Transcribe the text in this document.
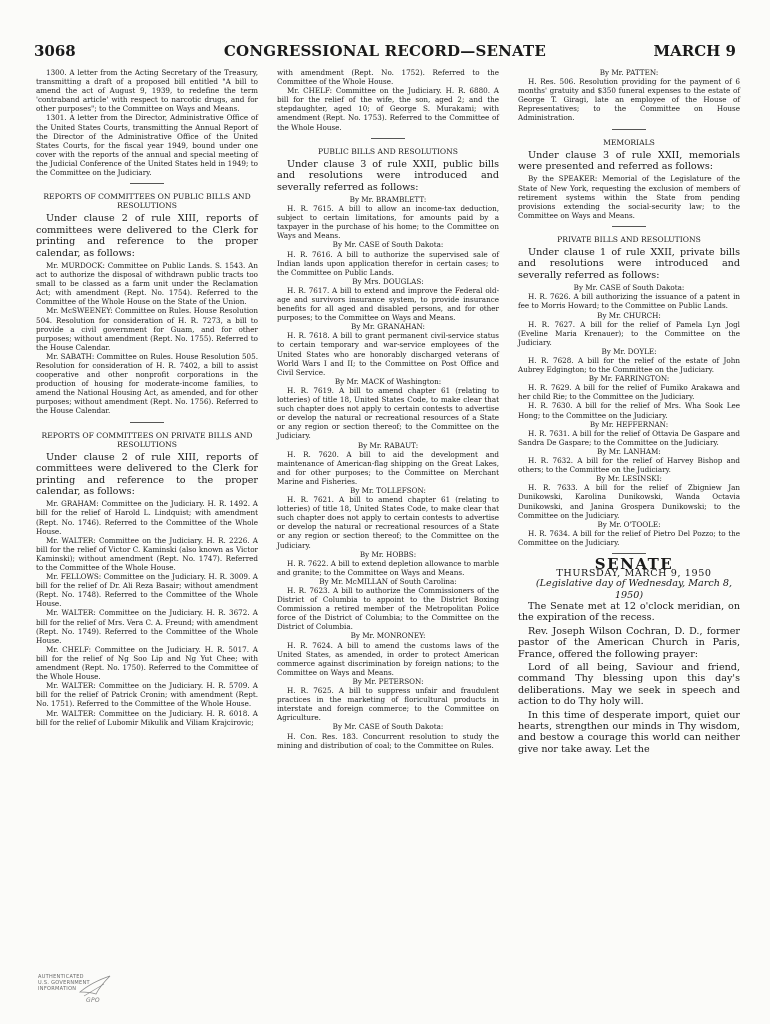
3068	CONGRESSIONAL RECORD—SENATE	MARCH 9

1300. A letter from the Acting Secretary of the Treasury, transmitting a draft of a proposed bill entitled "A bill to amend the act of August 9, 1939, to redefine the term 'contraband article' with respect to narcotic drugs, and for other purposes"; to the Committee on Ways and Means.

1301. A letter from the Director, Administrative Office of the United States Courts, transmitting the Annual Report of the Director of the Administrative Office of the United States Courts, for the fiscal year 1949, bound under one cover with the reports of the annual and special meeting of the Judicial Conference of the United States held in 1949; to the Committee on the Judiciary.

REPORTS OF COMMITTEES ON PUBLIC BILLS AND RESOLUTIONS

Under clause 2 of rule XIII, reports of committees were delivered to the Clerk for printing and reference to the proper calendar, as follows:

Mr. MURDOCK: Committee on Public Lands. S. 1543. An act to authorize the disposal of withdrawn public tracts too small to be classed as a farm unit under the Reclamation Act; with amendment (Rept. No. 1754). Referred to the Committee of the Whole House on the State of the Union.

Mr. McSWEENEY: Committee on Rules. House Resolution 504. Resolution for consideration of H. R. 7273, a bill to provide a civil government for Guam, and for other purposes; without amendment (Rept. No. 1755). Referred to the House Calendar.

Mr. SABATH: Committee on Rules. House Resolution 505. Resolution for consideration of H. R. 7402, a bill to assist cooperative and other nonprofit corporations in the production of housing for moderate-income families, to amend the National Housing Act, as amended, and for other purposes; without amendment (Rept. No. 1756). Referred to the House Calendar.

REPORTS OF COMMITTEES ON PRIVATE BILLS AND RESOLUTIONS

Under clause 2 of rule XIII, reports of committees were delivered to the Clerk for printing and reference to the proper calendar, as follows:

Mr. GRAHAM: Committee on the Judiciary. H. R. 1492. A bill for the relief of Harold L. Lindquist; with amendment (Rept. No. 1746). Referred to the Committee of the Whole House.

Mr. WALTER: Committee on the Judiciary. H. R. 2226. A bill for the relief of Victor C. Kaminski (also known as Victor Kaminski); without amendment (Rept. No. 1747). Referred to the Committee of the Whole House.

Mr. FELLOWS: Committee on the Judiciary. H. R. 3009. A bill for the relief of Dr. Ali Reza Basair; without amendment (Rept. No. 1748). Referred to the Committee of the Whole House.

Mr. WALTER: Committee on the Judiciary. H. R. 3672. A bill for the relief of Mrs. Vera C. A. Freund; with amendment (Rept. No. 1749). Referred to the Committee of the Whole House.

Mr. CHELF: Committee on the Judiciary. H. R. 5017. A bill for the relief of Ng Soo Lip and Ng Yut Chee; with amendment (Rept. No. 1750). Referred to the Committee of the Whole House.

Mr. WALTER: Committee on the Judiciary. H. R. 5709. A bill for the relief of Patrick Cronin; with amendment (Rept. No. 1751). Referred to the Committee of the Whole House.

Mr. WALTER: Committee on the Judiciary. H. R. 6018. A bill for the relief of Lubomir Mikulik and Viliam Krajcirovic;

with amendment (Rept. No. 1752). Referred to the Committee of the Whole House.

Mr. CHELF: Committee on the Judiciary. H. R. 6880. A bill for the relief of the wife, the son, aged 2; and the stepdaughter, aged 10; of George S. Murakami; with amendment (Rept. No. 1753). Referred to the Committee of the Whole House.

PUBLIC BILLS AND RESOLUTIONS

Under clause 3 of rule XXII, public bills and resolutions were introduced and severally referred as follows:

By Mr. BRAMBLETT:

H. R. 7615. A bill to allow an income-tax deduction, subject to certain limitations, for amounts paid by a taxpayer in the purchase of his home; to the Committee on Ways and Means.

By Mr. CASE of South Dakota:

H. R. 7616. A bill to authorize the supervised sale of Indian lands upon application therefor in certain cases; to the Committee on Public Lands.

By Mrs. DOUGLAS:

H. R. 7617. A bill to extend and improve the Federal old-age and survivors insurance system, to provide insurance benefits for all aged and disabled persons, and for other purposes; to the Committee on Ways and Means.

By Mr. GRANAHAN:

H. R. 7618. A bill to grant permanent civil-service status to certain temporary and war-service employees of the United States who are honorably discharged veterans of World Wars I and II; to the Committee on Post Office and Civil Service.

By Mr. MACK of Washington:

H. R. 7619. A bill to amend chapter 61 (relating to lotteries) of title 18, United States Code, to make clear that such chapter does not apply to certain contests to advertise or develop the natural or recreational resources of a State or any region or section thereof; to the Committee on the Judiciary.

By Mr. RABAUT:

H. R. 7620. A bill to aid the development and maintenance of American-flag shipping on the Great Lakes, and for other purposes; to the Committee on Merchant Marine and Fisheries.

By Mr. TOLLEFSON:

H. R. 7621. A bill to amend chapter 61 (relating to lotteries) of title 18, United States Code, to make clear that such chapter does not apply to certain contests to advertise or develop the natural or recreational resources of a State or any region or section thereof; to the Committee on the Judiciary.

By Mr. HOBBS:

H. R. 7622. A bill to extend depletion allowance to marble and granite; to the Committee on Ways and Means.

By Mr. McMILLAN of South Carolina:

H. R. 7623. A bill to authorize the Commissioners of the District of Columbia to appoint to the District Boxing Commission a retired member of the Metropolitan Police force of the District of Columbia; to the Committee on the District of Columbia.

By Mr. MONRONEY:

H. R. 7624. A bill to amend the customs laws of the United States, as amended, in order to protect American commerce against discrimination by foreign nations; to the Committee on Ways and Means.

By Mr. PETERSON:

H. R. 7625. A bill to suppress unfair and fraudulent practices in the marketing of floricultural products in interstate and foreign commerce; to the Committee on Agriculture.

By Mr. CASE of South Dakota:

H. Con. Res. 183. Concurrent resolution to study the mining and distribution of coal; to the Committee on Rules.

By Mr. PATTEN:

H. Res. 506. Resolution providing for the payment of 6 months' gratuity and $350 funeral expenses to the estate of George T. Giragi, late an employee of the House of Representatives; to the Committee on House Administration.

MEMORIALS

Under clause 3 of rule XXII, memorials were presented and referred as follows:

By the SPEAKER: Memorial of the Legislature of the State of New York, requesting the exclusion of members of retirement systems within the State from pending provisions extending the social-security law; to the Committee on Ways and Means.

PRIVATE BILLS AND RESOLUTIONS

Under clause 1 of rule XXII, private bills and resolutions were introduced and severally referred as follows:

By Mr. CASE of South Dakota:

H. R. 7626. A bill authorizing the issuance of a patent in fee to Morris Howard; to the Committee on Public Lands.

By Mr. CHURCH:

H. R. 7627. A bill for the relief of Pamela Lyn Jogl (Eveline Maria Krenauer); to the Committee on the Judiciary.

By Mr. DOYLE:

H. R. 7628. A bill for the relief of the estate of John Aubrey Edgington; to the Committee on the Judiciary.

By Mr. FARRINGTON:

H. R. 7629. A bill for the relief of Fumiko Arakawa and her child Rie; to the Committee on the Judiciary.

H. R. 7630. A bill for the relief of Mrs. Wha Sook Lee Hong; to the Committee on the Judiciary.

By Mr. HEFFERNAN:

H. R. 7631. A bill for the relief of Ottavia De Gaspare and Sandra De Gaspare; to the Committee on the Judiciary.

By Mr. LANHAM:

H. R. 7632. A bill for the relief of Harvey Bishop and others; to the Committee on the Judiciary.

By Mr. LESINSKI:

H. R. 7633. A bill for the relief of Zbigniew Jan Dunikowski, Karolina Dunikowski, Wanda Octavia Dunikowski, and Janina Grospera Dunikowski; to the Committee on the Judiciary.

By Mr. O'TOOLE:

H. R. 7634. A bill for the relief of Pietro Del Pozzo; to the Committee on the Judiciary.

SENATE

THURSDAY, MARCH 9, 1950

(Legislative day of Wednesday, March 8, 1950)

The Senate met at 12 o'clock meridian, on the expiration of the recess.

Rev. Joseph Wilson Cochran, D. D., former pastor of the American Church in Paris, France, offered the following prayer:

Lord of all being, Saviour and friend, command Thy blessing upon this day's deliberations. May we seek in speech and action to do Thy holy will.

In this time of desperate import, quiet our hearts, strengthen our minds in Thy wisdom, and bestow a courage this world can neither give nor take away. Let the

AUTHENTICATED
U.S. GOVERNMENT
INFORMATION
GPO
